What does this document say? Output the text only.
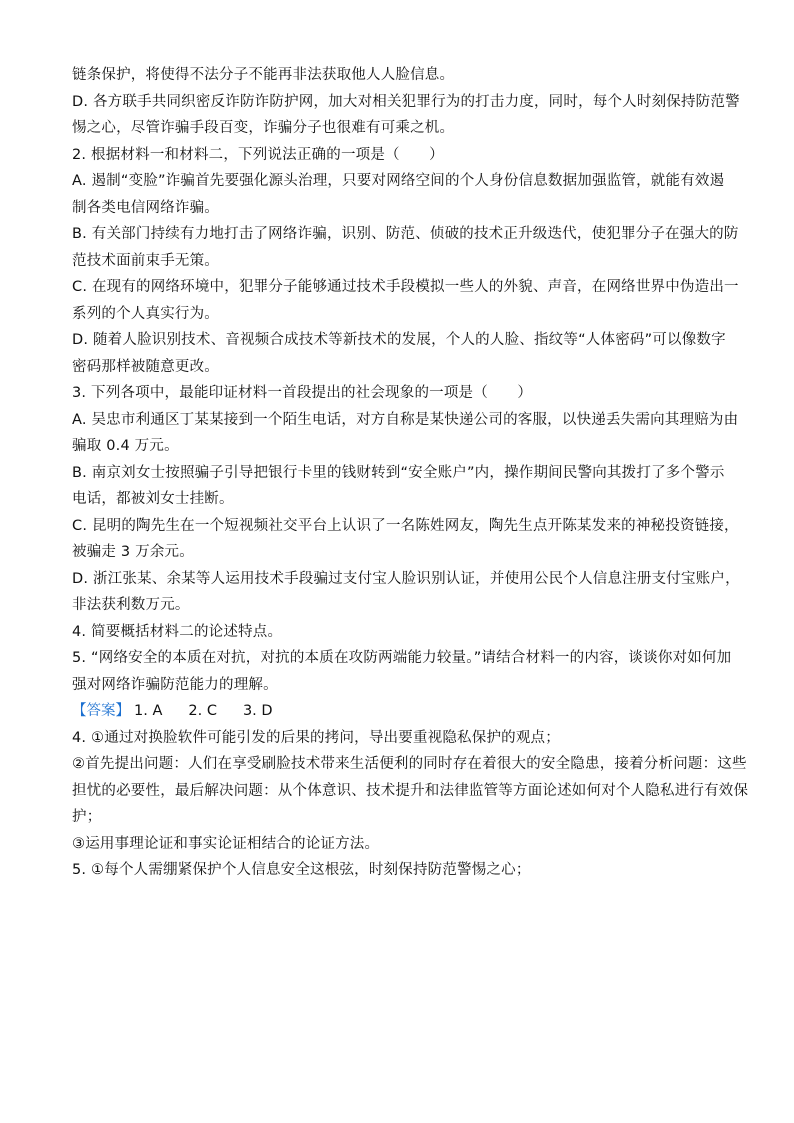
链条保护，将使得不法分子不能再非法获取他人人脸信息。
D. 各方联手共同织密反诈防诈防护网，加大对相关犯罪行为的打击力度，同时，每个人时刻保持防范警
惕之心，尽管诈骗手段百变，诈骗分子也很难有可乘之机。
2. 根据材料一和材料二，下列说法正确的一项是（　　）
A. 遏制“变脸”诈骗首先要强化源头治理，只要对网络空间的个人身份信息数据加强监管，就能有效遏
制各类电信网络诈骗。
B. 有关部门持续有力地打击了网络诈骗，识别、防范、侦破的技术正升级迭代，使犯罪分子在强大的防
范技术面前束手无策。
C. 在现有的网络环境中，犯罪分子能够通过技术手段模拟一些人的外貌、声音，在网络世界中伪造出一
系列的个人真实行为。
D. 随着人脸识别技术、音视频合成技术等新技术的发展，个人的人脸、指纹等“人体密码”可以像数字
密码那样被随意更改。
3. 下列各项中，最能印证材料一首段提出的社会现象的一项是（　　）
A. 吴忠市利通区丁某某接到一个陌生电话，对方自称是某快递公司的客服，以快递丢失需向其理赔为由
骗取 0.4 万元。
B. 南京刘女士按照骗子引导把银行卡里的钱财转到“安全账户”内，操作期间民警向其拨打了多个警示
电话，都被刘女士挂断。
C. 昆明的陶先生在一个短视频社交平台上认识了一名陈姓网友，陶先生点开陈某发来的神秘投资链接，
被骗走 3 万余元。
D. 浙江张某、余某等人运用技术手段骗过支付宝人脸识别认证，并使用公民个人信息注册支付宝账户，
非法获利数万元。
4. 简要概括材料二的论述特点。
5. “网络安全的本质在对抗，对抗的本质在攻防两端能力较量。”请结合材料一的内容，谈谈你对如何加
强对网络诈骗防范能力的理解。
【答案】 1. A 2. C 3. D
4. ①通过对换脸软件可能引发的后果的拷问，导出要重视隐私保护的观点；
②首先提出问题：人们在享受刷脸技术带来生活便利的同时存在着很大的安全隐患，接着分析问题：这些
担忧的必要性，最后解决问题：从个体意识、技术提升和法律监管等方面论述如何对个人隐私进行有效保
护；
③运用事理论证和事实论证相结合的论证方法。
5. ①每个人需绷紧保护个人信息安全这根弦，时刻保持防范警惕之心；
